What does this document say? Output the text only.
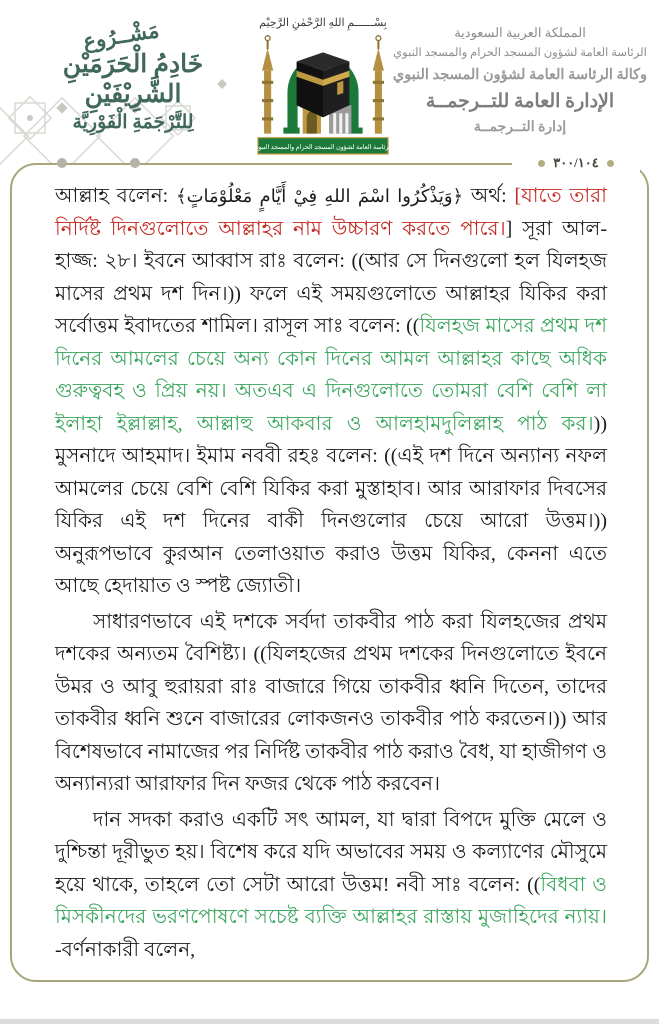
مَشْــرُوع
خَادِمُ الْحَرَمَيْنِ الشَّرِيْفَيْنِ
لِلتَّرْجَمَةِ الْفَوْرِيَّة
بِسْــــــمِ اللهِ الرَّحْمٰنِ الرَّحِيْم
الرئاسة العامة لشؤون المسجد الحرام والمسجد النبوي
المملكة العربية السعودية
الرئاسة العامة لشؤون المسجد الحرام والمسجد النبوي
وكالة الرئاسة العامة لشؤون المسجد النبوي
الإدارة العامة للتــرجمــة
إدارة التــرجمــة
٣٠٠/١٠٤

আল্লাহ বলেন: ﴿وَيَذْكُرُوا اسْمَ اللهِ فِيْ أَيَّامٍ مَعْلُوْمَاتٍ﴾ অর্থ: [যাতে তারা নির্দিষ্ট দিনগুলোতে আল্লাহর নাম উচ্চারণ করতে পারে।] সূরা আল-হাজ্জ: ২৮। ইবনে আব্বাস রাঃ বলেন: ((আর সে দিনগুলো হল যিলহজ মাসের প্রথম দশ দিন।)) ফলে এই সময়গুলোতে আল্লাহর যিকির করা সর্বোত্তম ইবাদতের শামিল। রাসূল সাঃ বলেন: ((যিলহজ মাসের প্রথম দশ দিনের আমলের চেয়ে অন্য কোন দিনের আমল আল্লাহর কাছে অধিক গুরুত্ববহ ও প্রিয় নয়। অতএব এ দিনগুলোতে তোমরা বেশি বেশি লা ইলাহা ইল্লাল্লাহ, আল্লাহু আকবার ও আলহামদুলিল্লাহ পাঠ কর।)) মুসনাদে আহমাদ। ইমাম নববী রহঃ বলেন: ((এই দশ দিনে অন্যান্য নফল আমলের চেয়ে বেশি বেশি যিকির করা মুস্তাহাব। আর আরাফার দিবসের যিকির এই দশ দিনের বাকী দিনগুলোর চেয়ে আরো উত্তম।)) অনুরূপভাবে কুরআন তেলাওয়াত করাও উত্তম যিকির, কেননা এতে আছে হেদায়াত ও স্পষ্ট জ্যোতী।

সাধারণভাবে এই দশকে সর্বদা তাকবীর পাঠ করা যিলহজের প্রথম দশকের অন্যতম বৈশিষ্ট্য। ((যিলহজের প্রথম দশকের দিনগুলোতে ইবনে উমর ও আবু হুরায়রা রাঃ বাজারে গিয়ে তাকবীর ধ্বনি দিতেন, তাদের তাকবীর ধ্বনি শুনে বাজারের লোকজনও তাকবীর পাঠ করতেন।)) আর বিশেষভাবে নামাজের পর নির্দিষ্ট তাকবীর পাঠ করাও বৈধ, যা হাজীগণ ও অন্যান্যরা আরাফার দিন ফজর থেকে পাঠ করবেন।

দান সদকা করাও একটি সৎ আমল, যা দ্বারা বিপদে মুক্তি মেলে ও দুশ্চিন্তা দূরীভুত হয়। বিশেষ করে যদি অভাবের সময় ও কল্যাণের মৌসুমে হয়ে থাকে, তাহলে তো সেটা আরো উত্তম! নবী সাঃ বলেন: ((বিধবা ও মিসকীনদের ভরণপোষণে সচেষ্ট ব্যক্তি আল্লাহর রাস্তায় মুজাহিদের ন্যায়। -বর্ণনাকারী বলেন,
